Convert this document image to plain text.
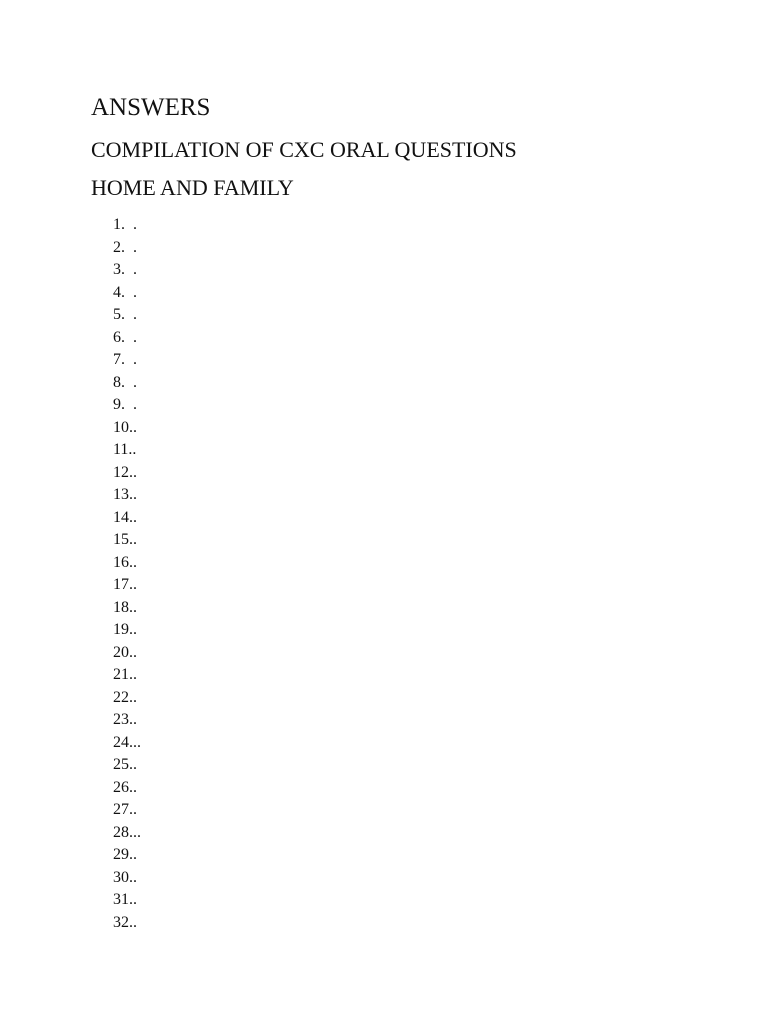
ANSWERS
COMPILATION OF CXC ORAL QUESTIONS
HOME AND FAMILY
1.  .
2.  .
3.  .
4.  .
5.  .
6.  .
7.  .
8.  .
9.  .
10..
11..
12..
13..
14..
15..
16..
17..
18..
19..
20..
21..
22..
23..
24...
25..
26..
27..
28...
29..
30..
31..
32..
